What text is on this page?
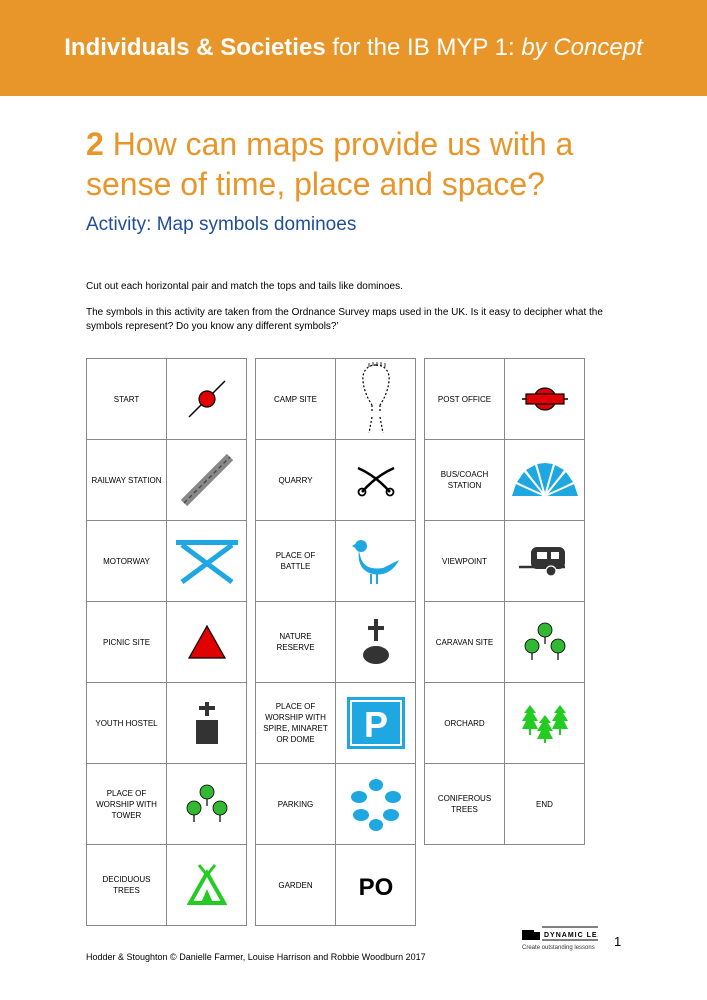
Individuals & Societies for the IB MYP 1: by Concept
2 How can maps provide us with a sense of time, place and space?
Activity: Map symbols dominoes
Cut out each horizontal pair and match the tops and tails like dominoes.
The symbols in this activity are taken from the Ordnance Survey maps used in the UK. Is it easy to decipher what the symbols represent? Do you know any different symbols?’
START
RAILWAY STATION
MOTORWAY
PICNIC SITE
YOUTH HOSTEL
PLACE OF WORSHIP WITH TOWER
DECIDUOUS TREES
CAMP SITE
QUARRY
PLACE OF BATTLE
NATURE RESERVE
PLACE OF WORSHIP WITH SPIRE, MINARET OR DOME	P
PARKING
GARDEN	PO
POST OFFICE
BUS/COACH STATION
VIEWPOINT
CARAVAN SITE
ORCHARD
CONIFEROUS TREES
END
DYNAMIC LE
Create outstanding lessons 1
Hodder & Stoughton © Danielle Farmer, Louise Harrison and Robbie Woodburn 2017
